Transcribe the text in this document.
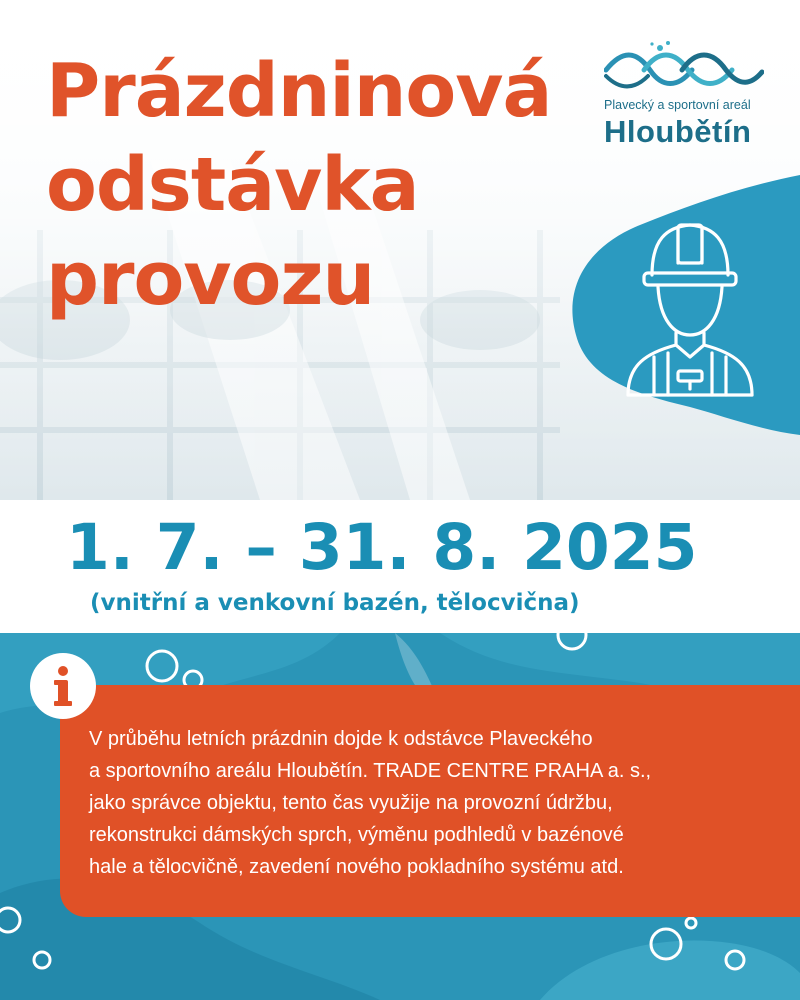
Prázdninová
odstávka
provozu
Plavecký a sportovní areál
Hloubětín
1. 7. – 31. 8. 2025
(vnitřní a venkovní bazén, tělocvična)
V průběhu letních prázdnin dojde k odstávce Plaveckého
a sportovního areálu Hloubětín. TRADE CENTRE PRAHA a. s.,
jako správce objektu, tento čas využije na provozní údržbu,
rekonstrukci dámských sprch, výměnu podhledů v bazénové
hale a tělocvičně, zavedení nového pokladního systému atd.
